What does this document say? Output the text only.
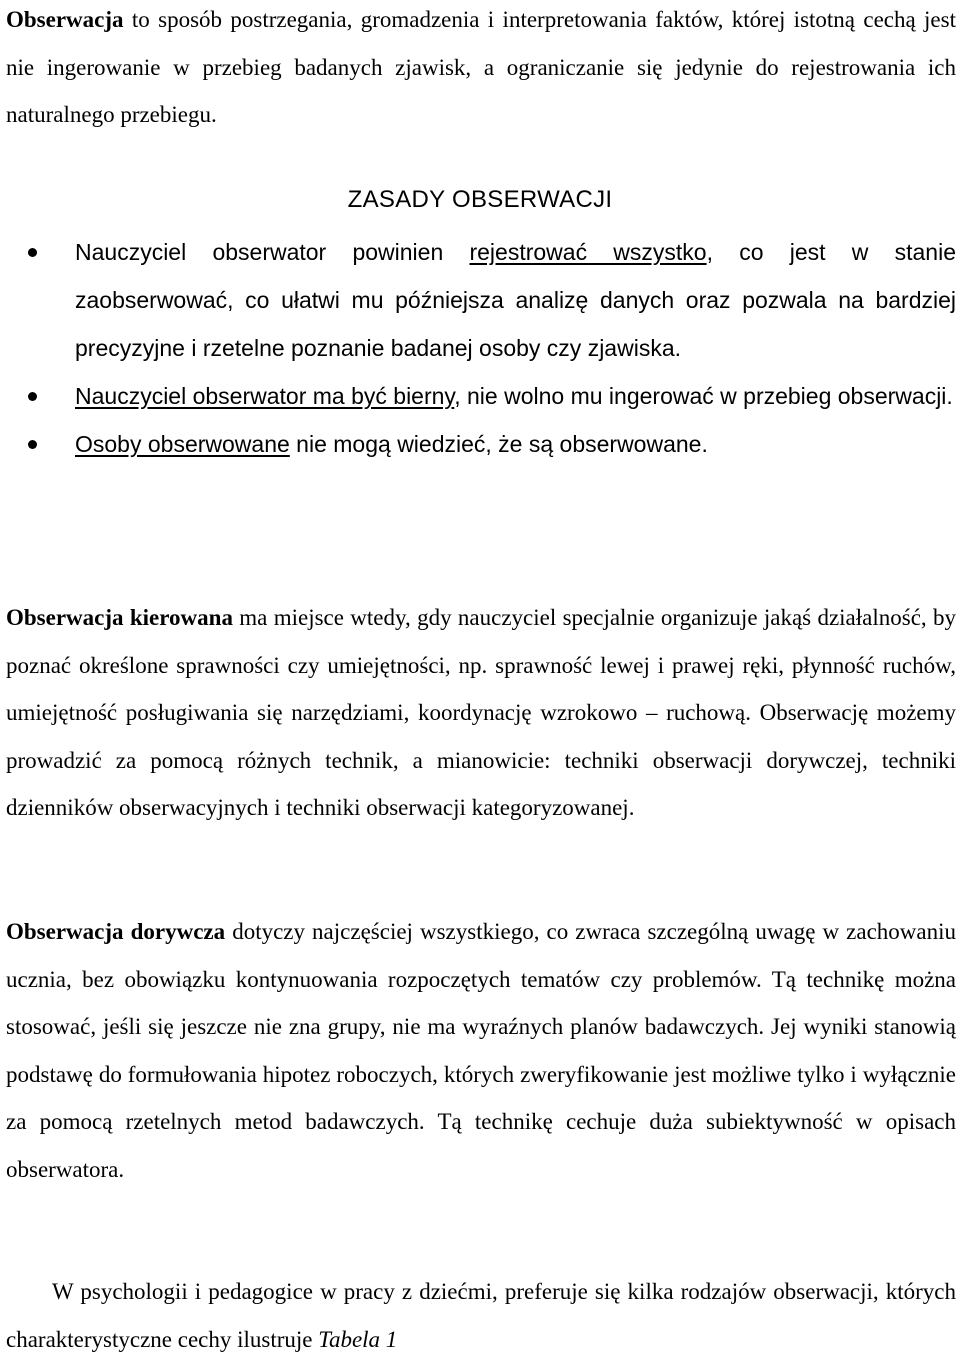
Obserwacja to sposób postrzegania, gromadzenia i interpretowania faktów, której istotną cechą jest nie ingerowanie w przebieg badanych zjawisk, a ograniczanie się jedynie do rejestrowania ich naturalnego przebiegu.

ZASADY OBSERWACJI
Nauczyciel obserwator powinien rejestrować wszystko, co jest w stanie zaobserwować, co ułatwi mu późniejsza analizę danych oraz pozwala na bardziej precyzyjne i rzetelne poznanie badanej osoby czy zjawiska.
Nauczyciel obserwator ma być bierny, nie wolno mu ingerować w przebieg obserwacji.
Osoby obserwowane nie mogą wiedzieć, że są obserwowane.

Obserwacja kierowana ma miejsce wtedy, gdy nauczyciel specjalnie organizuje jakąś działalność, by poznać określone sprawności czy umiejętności, np. sprawność lewej i prawej ręki, płynność ruchów, umiejętność posługiwania się narzędziami, koordynację wzrokowo – ruchową. Obserwację możemy prowadzić za pomocą różnych technik, a mianowicie: techniki obserwacji dorywczej, techniki dzienników obserwacyjnych i techniki obserwacji kategoryzowanej.

Obserwacja dorywcza dotyczy najczęściej wszystkiego, co zwraca szczególną uwagę w zachowaniu ucznia, bez obowiązku kontynuowania rozpoczętych tematów czy problemów. Tą technikę można stosować, jeśli się jeszcze nie zna grupy, nie ma wyraźnych planów badawczych. Jej wyniki stanowią podstawę do formułowania hipotez roboczych, których zweryfikowanie jest możliwe tylko i wyłącznie za pomocą rzetelnych metod badawczych. Tą technikę cechuje duża subiektywność w opisach obserwatora.

W psychologii i pedagogice w pracy z dziećmi, preferuje się kilka rodzajów obserwacji, których charakterystyczne cechy ilustruje Tabela 1
